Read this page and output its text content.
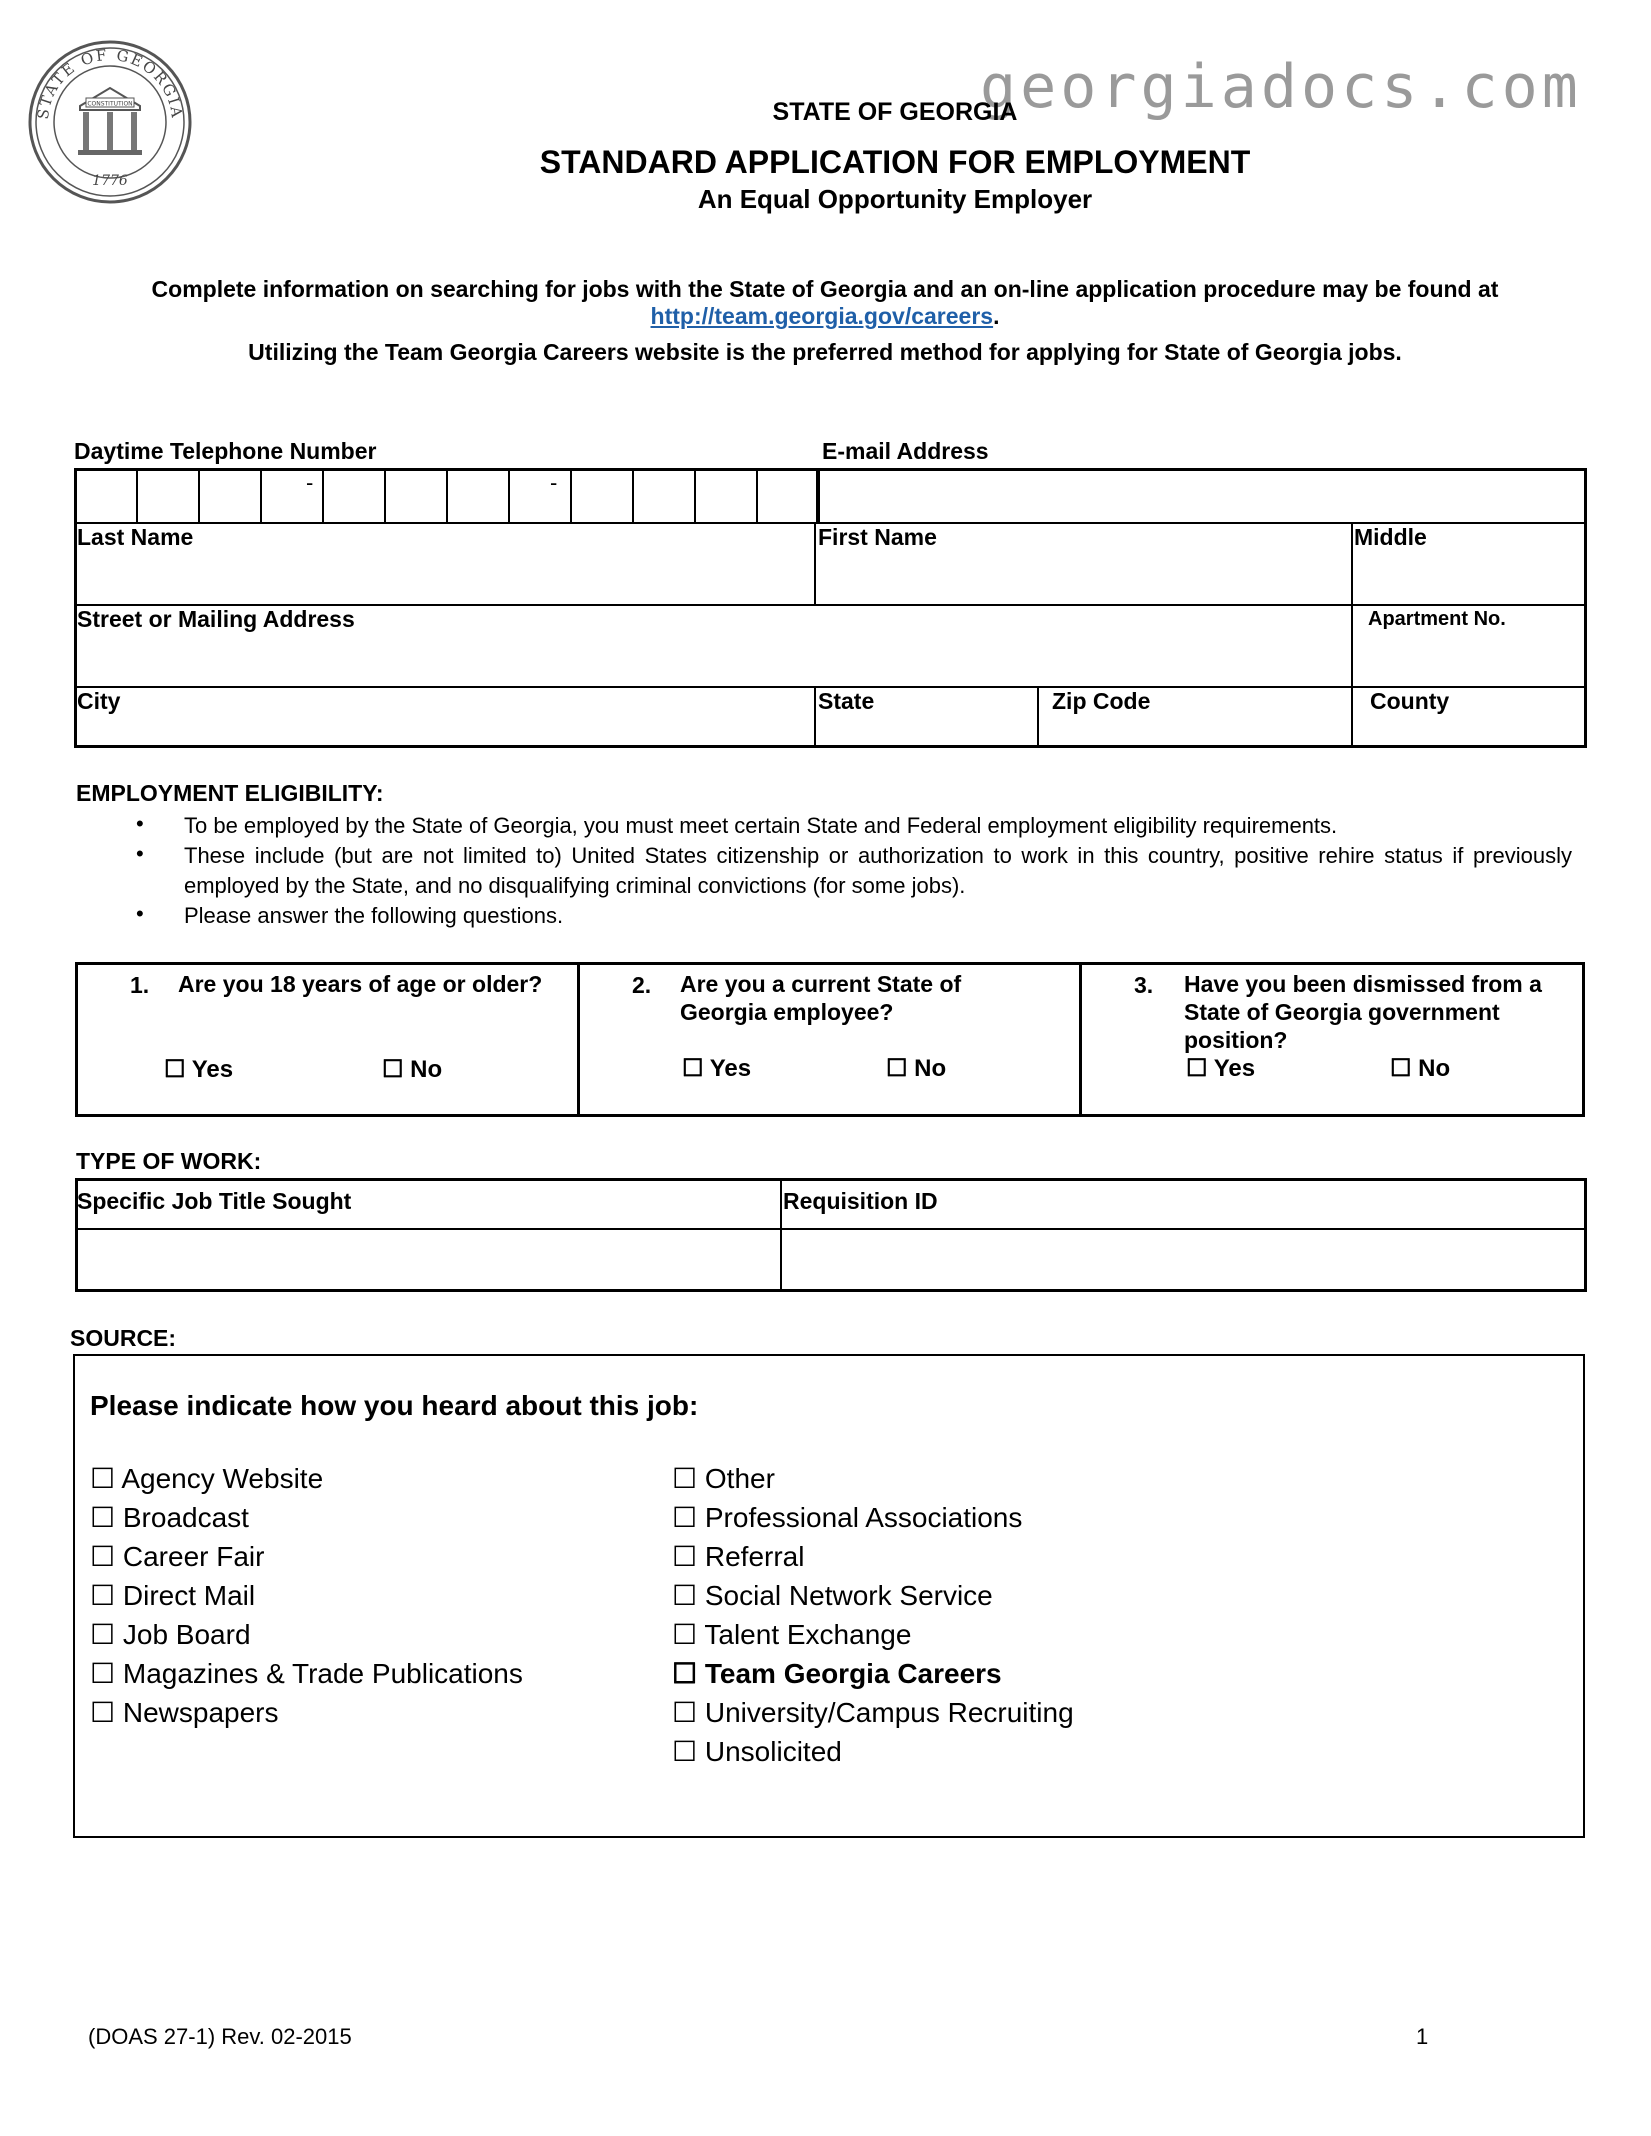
STATE OF GEORGIA
CONSTITUTION
1776
georgiadocs.com
STATE OF GEORGIA
STANDARD APPLICATION FOR EMPLOYMENT
An Equal Opportunity Employer
Complete information on searching for jobs with the State of Georgia and an on-line application procedure may be found at
http://team.georgia.gov/careers.
Utilizing the Team Georgia Careers website is the preferred method for applying for State of Georgia jobs.
Daytime Telephone Number	E-mail Address
-	-
Last Name	First Name	Middle
Street or Mailing Address	Apartment No.
City	State	Zip Code	County
EMPLOYMENT ELIGIBILITY:
• To be employed by the State of Georgia, you must meet certain State and Federal employment eligibility requirements.
• These include (but are not limited to) United States citizenship or authorization to work in this country, positive rehire status if previously employed by the State, and no disqualifying criminal convictions (for some jobs).
• Please answer the following questions.
1. Are you 18 years of age or older?
☐ Yes	☐ No
2. Are you a current State of Georgia employee?
☐ Yes	☐ No
3. Have you been dismissed from a State of Georgia government position?
☐ Yes	☐ No
TYPE OF WORK:
Specific Job Title Sought	Requisition ID
SOURCE:
Please indicate how you heard about this job:
☐ Agency Website
☐ Broadcast
☐ Career Fair
☐ Direct Mail
☐ Job Board
☐ Magazines & Trade Publications
☐ Newspapers
☐ Other
☐ Professional Associations
☐ Referral
☐ Social Network Service
☐ Talent Exchange
☐ Team Georgia Careers
☐ University/Campus Recruiting
☐ Unsolicited
(DOAS 27-1) Rev. 02-2015	1
